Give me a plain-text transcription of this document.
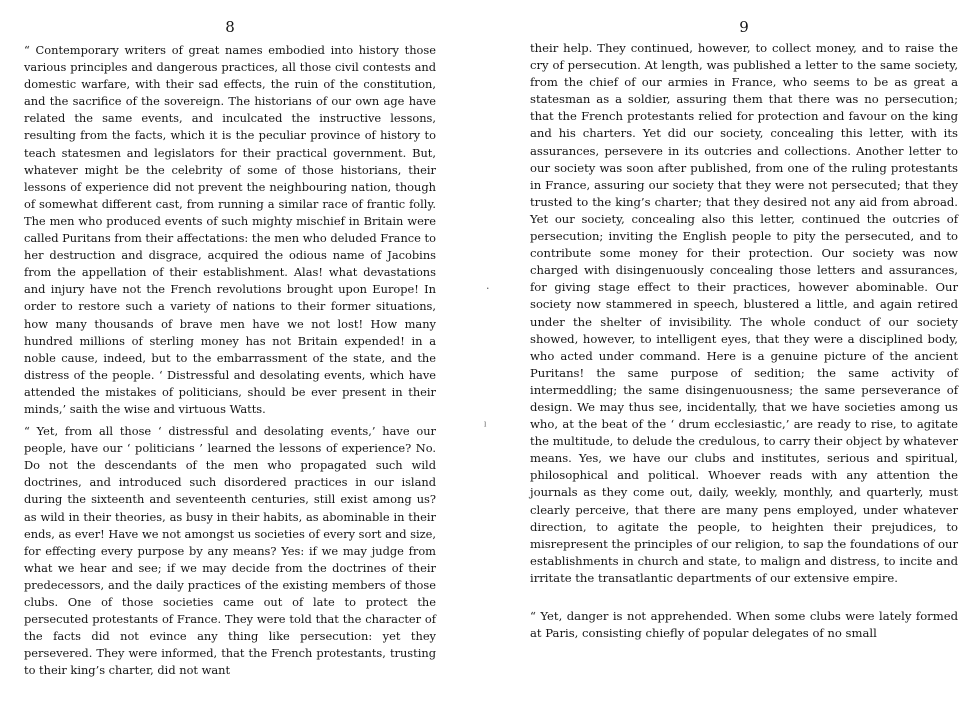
8

“ Contemporary writers of great names embodied into history those various principles and dangerous practices, all those civil contests and domestic warfare, with their sad effects, the ruin of the constitution, and the sacrifice of the sovereign. The historians of our own age have related the same events, and inculcated the instructive lessons, resulting from the facts, which it is the peculiar province of history to teach statesmen and legislators for their practical government. But, whatever might be the celebrity of some of those historians, their lessons of experience did not prevent the neighbouring nation, though of somewhat different cast, from running a similar race of frantic folly. The men who produced events of such mighty mischief in Britain were called Puritans from their affectations: the men who deluded France to her destruction and disgrace, acquired the odious name of Jacobins from the appellation of their establishment. Alas! what devastations and injury have not the French revolutions brought upon Europe! In order to restore such a variety of nations to their former situations, how many thousands of brave men have we not lost! How many hundred millions of sterling money has not Britain expended! in a noble cause, indeed, but to the embarrassment of the state, and the distress of the people. ‘ Distressful and desolating events, which have attended the mistakes of politicians, should be ever present in their minds,’ saith the wise and virtuous Watts.

“ Yet, from all those ‘ distressful and desolating events,’ have our people, have our ‘ politicians ’ learned the lessons of experience? No. Do not the descendants of the men who propagated such wild doctrines, and introduced such disordered practices in our island during the sixteenth and seventeenth centuries, still exist among us? as wild in their theories, as busy in their habits, as abominable in their ends, as ever! Have we not amongst us societies of every sort and size, for effecting every purpose by any means? Yes: if we may judge from what we hear and see; if we may decide from the doctrines of their predecessors, and the daily practices of the existing members of those clubs. One of those societies came out of late to protect the persecuted protestants of France. They were told that the character of the facts did not evince any thing like persecution: yet they persevered. They were informed, that the French protestants, trusting to their king’s charter, did not want

·
ˡ
9

their help. They continued, however, to collect money, and to raise the cry of persecution. At length, was published a letter to the same society, from the chief of our armies in France, who seems to be as great a statesman as a soldier, assuring them that there was no persecution; that the French protestants relied for protection and favour on the king and his charters. Yet did our society, concealing this letter, with its assurances, persevere in its outcries and collections. Another letter to our society was soon after published, from one of the ruling protestants in France, assuring our society that they were not persecuted; that they trusted to the king’s charter; that they desired not any aid from abroad. Yet our society, concealing also this letter, continued the outcries of persecution; inviting the English people to pity the persecuted, and to contribute some money for their protection. Our society was now charged with disingenuously concealing those letters and assurances, for giving stage effect to their practices, however abominable. Our society now stammered in speech, blustered a little, and again retired under the shelter of invisibility. The whole conduct of our society showed, however, to intelligent eyes, that they were a disciplined body, who acted under command. Here is a genuine picture of the ancient Puritans! the same purpose of sedition; the same activity of intermeddling; the same disingenuousness; the same perseverance of design. We may thus see, incidentally, that we have societies among us who, at the beat of the ‘ drum ecclesiastic,’ are ready to rise, to agitate the multitude, to delude the credulous, to carry their object by whatever means. Yes, we have our clubs and institutes, serious and spiritual, philosophical and political. Whoever reads with any attention the journals as they come out, daily, weekly, monthly, and quarterly, must clearly perceive, that there are many pens employed, under whatever direction, to agitate the people, to heighten their prejudices, to misrepresent the principles of our religion, to sap the foundations of our establishments in church and state, to malign and distress, to incite and irritate the transatlantic departments of our extensive empire.

“ Yet, danger is not apprehended. When some clubs were lately formed at Paris, consisting chiefly of popular delegates of no small
